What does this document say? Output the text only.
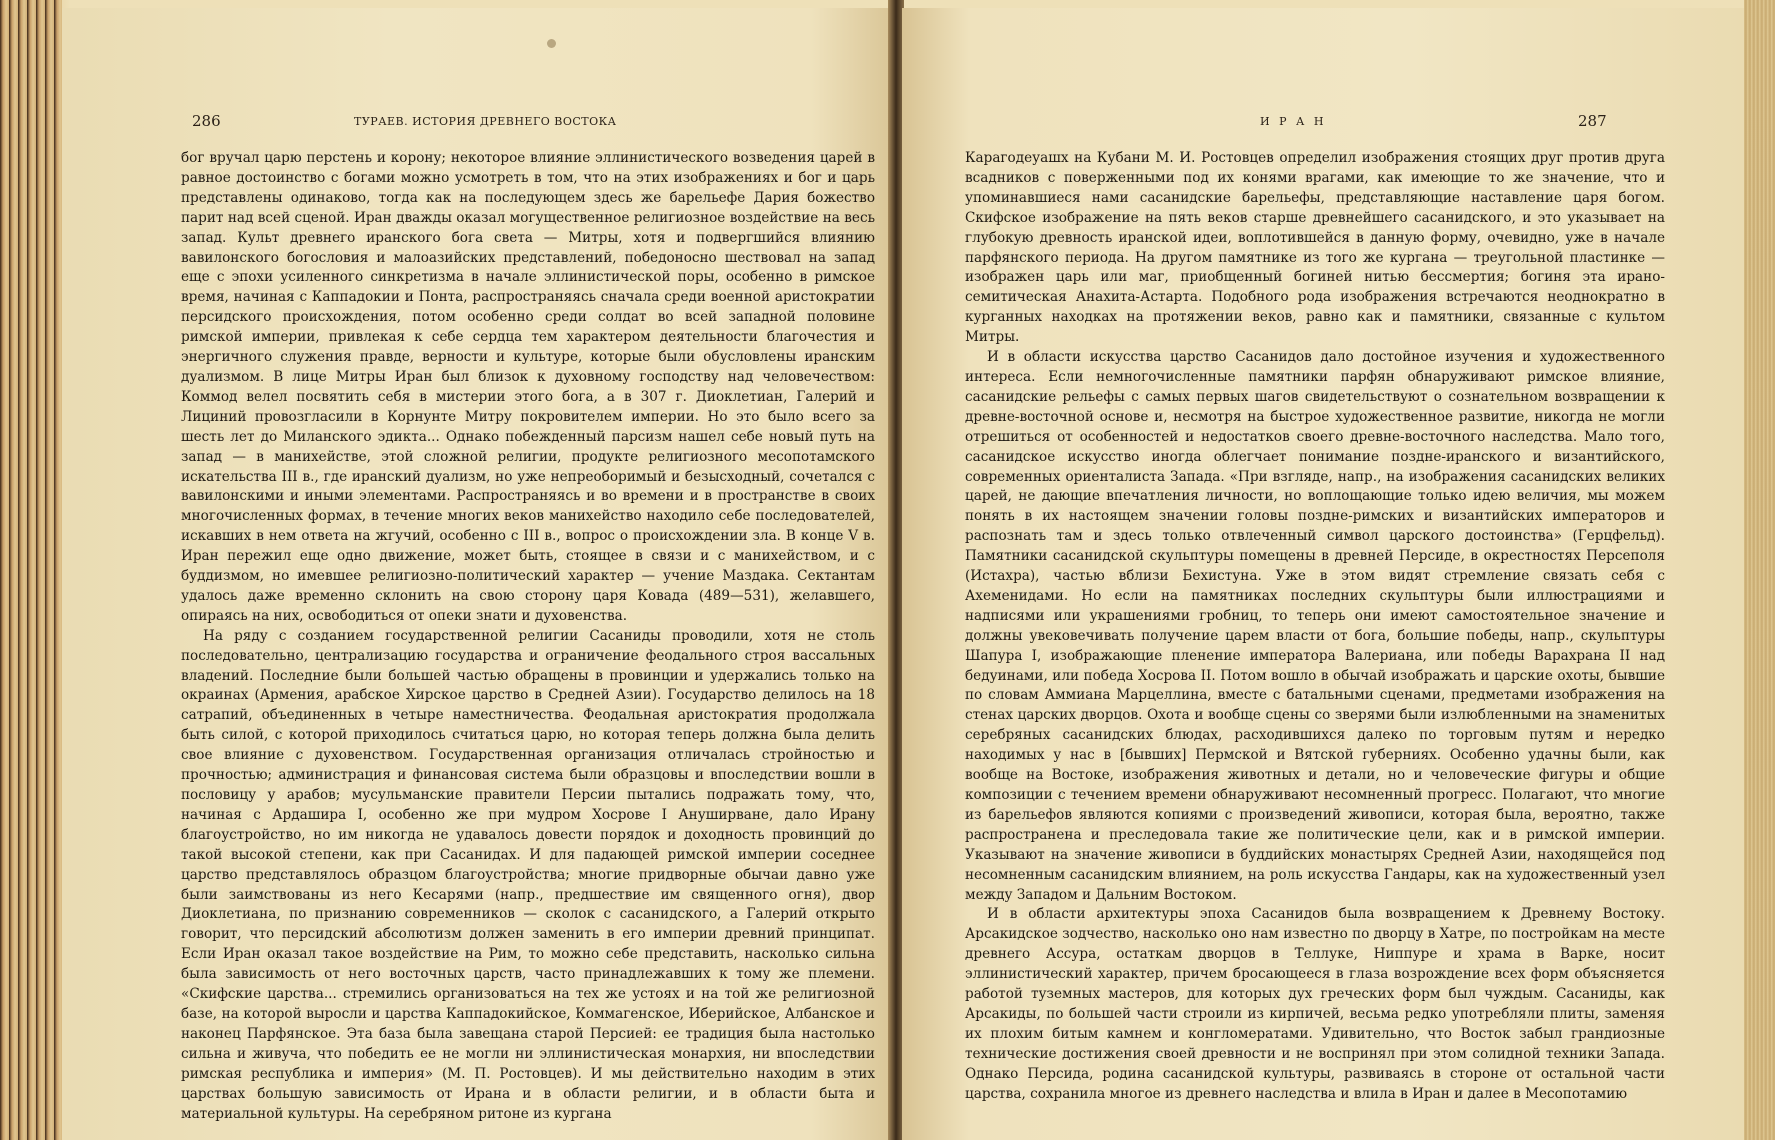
286	ТУРАЕВ. ИСТОРИЯ ДРЕВНЕГО ВОСТОКА

бог вручал царю перстень и корону; некоторое влияние эллинистического возведения царей в равное достоинство с богами можно усмотреть в том, что на этих изображениях и бог и царь представлены одинаково, тогда как на последующем здесь же барельефе Дария божество парит над всей сценой. Иран дважды оказал могущественное религиозное воздействие на весь запад. Культ древнего иранского бога света — Митры, хотя и подвергшийся влиянию вавилонского богословия и малоазийских представлений, победоносно шествовал на запад еще с эпохи усиленного синкретизма в начале эллинистической поры, особенно в римское время, начиная с Каппадокии и Понта, распространяясь сначала среди военной аристократии персидского происхождения, потом особенно среди солдат во всей западной половине римской империи, привлекая к себе сердца тем характером деятельности благочестия и энергичного служения правде, верности и культуре, которые были обусловлены иранским дуализмом. В лице Митры Иран был близок к духовному господству над человечеством: Коммод велел посвятить себя в мистерии этого бога, а в 307 г. Диоклетиан, Галерий и Лициний провозгласили в Корнунте Митру покровителем империи. Но это было всего за шесть лет до Миланского эдикта... Однако побежденный парсизм нашел себе новый путь на запад — в манихействе, этой сложной религии, продукте религиозного месопотамского искательства III в., где иранский дуализм, но уже непреоборимый и безысходный, сочетался с вавилонскими и иными элементами. Распространяясь и во времени и в пространстве в своих многочисленных формах, в течение многих веков манихейство находило себе последователей, искавших в нем ответа на жгучий, особенно с III в., вопрос о происхождении зла. В конце V в. Иран пережил еще одно движение, может быть, стоящее в связи и с манихейством, и с буддизмом, но имевшее религиозно-политический характер — учение Маздака. Сектантам удалось даже временно склонить на свою сторону царя Ковада (489—531), желавшего, опираясь на них, освободиться от опеки знати и духовенства.

На ряду с созданием государственной религии Сасаниды проводили, хотя не столь последовательно, централизацию государства и ограничение феодального строя вассальных владений. Последние были большей частью обращены в провинции и удержались только на окраинах (Армения, арабское Хирское царство в Средней Азии). Государство делилось на 18 сатрапий, объединенных в четыре наместничества. Феодальная аристократия продолжала быть силой, с которой приходилось считаться царю, но которая теперь должна была делить свое влияние с духовенством. Государственная организация отличалась стройностью и прочностью; администрация и финансовая система были образцовы и впоследствии вошли в пословицу у арабов; мусульманские правители Персии пытались подражать тому, что, начиная с Ардашира I, особенно же при мудром Хосрове I Ануширване, дало Ирану благоустройство, но им никогда не удавалось довести порядок и доходность провинций до такой высокой степени, как при Сасанидах. И для падающей римской империи соседнее царство представлялось образцом благоустройства; многие придворные обычаи давно уже были заимствованы из него Кесарями (напр., предшествие им священного огня), двор Диоклетиана, по признанию современников — сколок с сасанидского, а Галерий открыто говорит, что персидский абсолютизм должен заменить в его империи древний принципат. Если Иран оказал такое воздействие на Рим, то можно себе представить, насколько сильна была зависимость от него восточных царств, часто принадлежавших к тому же племени. «Скифские царства... стремились организоваться на тех же устоях и на той же религиозной базе, на которой выросли и царства Каппадокийское, Коммагенское, Иберийское, Албанское и наконец Парфянское. Эта база была завещана старой Персией: ее традиция была настолько сильна и живуча, что победить ее не могли ни эллинистическая монархия, ни впоследствии римская республика и империя» (М. П. Ростовцев). И мы действительно находим в этих царствах большую зависимость от Ирана и в области религии, и в области быта и материальной культуры. На серебряном ритоне из кургана

И Р А Н	287

Карагодеуашх на Кубани М. И. Ростовцев определил изображения стоящих друг против друга всадников с поверженными под их конями врагами, как имеющие то же значение, что и упоминавшиеся нами сасанидские барельефы, представляющие наставление царя богом. Скифское изображение на пять веков старше древнейшего сасанидского, и это указывает на глубокую древность иранской идеи, воплотившейся в данную форму, очевидно, уже в начале парфянского периода. На другом памятнике из того же кургана — треугольной пластинке — изображен царь или маг, приобщенный богиней нитью бессмертия; богиня эта ирано-семитическая Анахита-Астарта. Подобного рода изображения встречаются неоднократно в курганных находках на протяжении веков, равно как и памятники, связанные с культом Митры.

И в области искусства царство Сасанидов дало достойное изучения и художественного интереса. Если немногочисленные памятники парфян обнаруживают римское влияние, сасанидские рельефы с самых первых шагов свидетельствуют о сознательном возвращении к древне-восточной основе и, несмотря на быстрое художественное развитие, никогда не могли отрешиться от особенностей и недостатков своего древне-восточного наследства. Мало того, сасанидское искусство иногда облегчает понимание поздне-иранского и византийского, современных ориенталиста Запада. «При взгляде, напр., на изображения сасанидских великих царей, не дающие впечатления личности, но воплощающие только идею величия, мы можем понять в их настоящем значении головы поздне-римских и византийских императоров и распознать там и здесь только отвлеченный символ царского достоинства» (Герцфельд). Памятники сасанидской скульптуры помещены в древней Персиде, в окрестностях Персеполя (Истахра), частью вблизи Бехистуна. Уже в этом видят стремление связать себя с Ахеменидами. Но если на памятниках последних скульптуры были иллюстрациями и надписями или украшениями гробниц, то теперь они имеют самостоятельное значение и должны увековечивать получение царем власти от бога, большие победы, напр., скульптуры Шапура I, изображающие пленение императора Валериана, или победы Варахрана II над бедуинами, или победа Хосрова II. Потом вошло в обычай изображать и царские охоты, бывшие по словам Аммиана Марцеллина, вместе с батальными сценами, предметами изображения на стенах царских дворцов. Охота и вообще сцены со зверями были излюбленными на знаменитых серебряных сасанидских блюдах, расходившихся далеко по торговым путям и нередко находимых у нас в [бывших] Пермской и Вятской губерниях. Особенно удачны были, как вообще на Востоке, изображения животных и детали, но и человеческие фигуры и общие композиции с течением времени обнаруживают несомненный прогресс. Полагают, что многие из барельефов являются копиями с произведений живописи, которая была, вероятно, также распространена и преследовала такие же политические цели, как и в римской империи. Указывают на значение живописи в буддийских монастырях Средней Азии, находящейся под несомненным сасанидским влиянием, на роль искусства Гандары, как на художественный узел между Западом и Дальним Востоком.

И в области архитектуры эпоха Сасанидов была возвращением к Древнему Востоку. Арсакидское зодчество, насколько оно нам известно по дворцу в Хатре, по постройкам на месте древнего Ассура, остаткам дворцов в Теллуке, Ниппуре и храма в Варке, носит эллинистический характер, причем бросающееся в глаза возрождение всех форм объясняется работой туземных мастеров, для которых дух греческих форм был чуждым. Сасаниды, как Арсакиды, по большей части строили из кирпичей, весьма редко употребляли плиты, заменяя их плохим битым камнем и конгломератами. Удивительно, что Восток забыл грандиозные технические достижения своей древности и не воспринял при этом солидной техники Запада. Однако Персида, родина сасанидской культуры, развиваясь в стороне от остальной части царства, сохранила многое из древнего наследства и влила в Иран и далее в Месопотамию
